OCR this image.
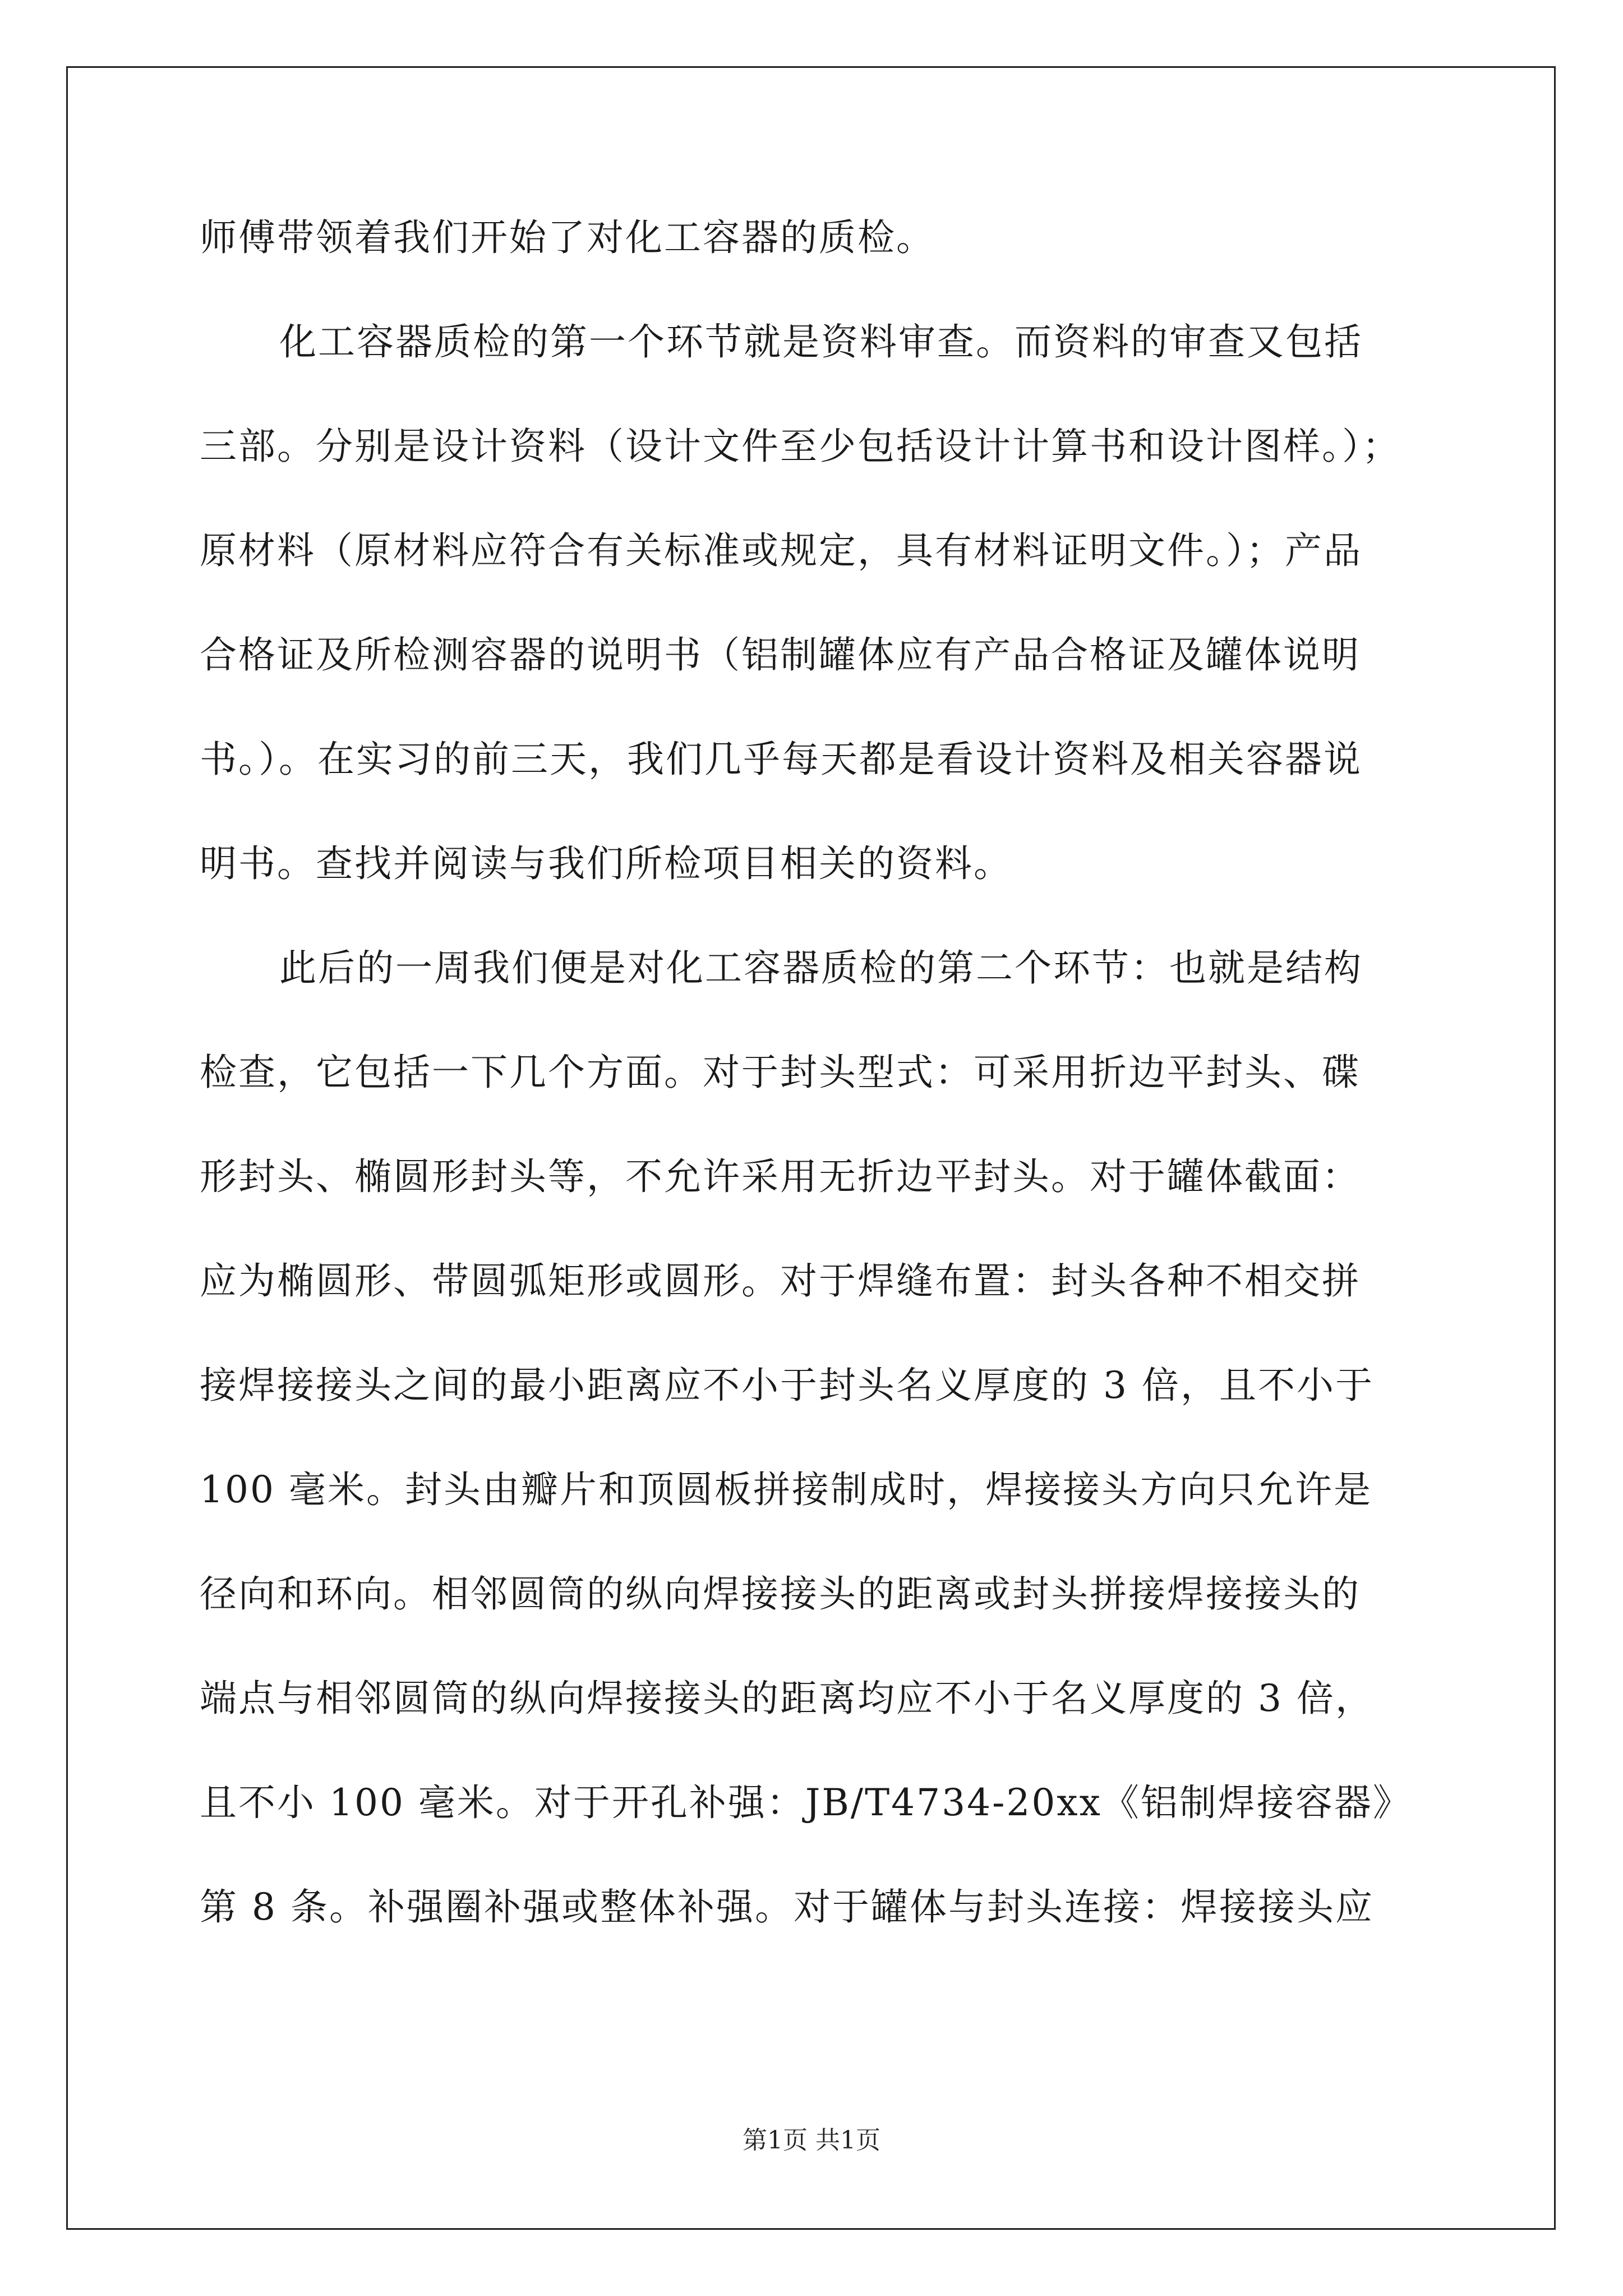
师傅带领着我们开始了对化工容器的质检。
化工容器质检的第一个环节就是资料审查。而资料的审查又包括
三部。分别是设计资料（设计文件至少包括设计计算书和设计图样。）；
原材料（原材料应符合有关标准或规定，具有材料证明文件。）；产品
合格证及所检测容器的说明书（铝制罐体应有产品合格证及罐体说明
书。）。在实习的前三天，我们几乎每天都是看设计资料及相关容器说
明书。查找并阅读与我们所检项目相关的资料。
此后的一周我们便是对化工容器质检的第二个环节：也就是结构
检查，它包括一下几个方面。对于封头型式：可采用折边平封头、碟
形封头、椭圆形封头等，不允许采用无折边平封头。对于罐体截面：
应为椭圆形、带圆弧矩形或圆形。对于焊缝布置：封头各种不相交拼
接焊接接头之间的最小距离应不小于封头名义厚度的 3 倍，且不小于
100 毫米。封头由瓣片和顶圆板拼接制成时，焊接接头方向只允许是
径向和环向。相邻圆筒的纵向焊接接头的距离或封头拼接焊接接头的
端点与相邻圆筒的纵向焊接接头的距离均应不小于名义厚度的 3 倍，
且不小 100 毫米。对于开孔补强：JB/T4734-20xx《铝制焊接容器》
第 8 条。补强圈补强或整体补强。对于罐体与封头连接：焊接接头应
第1页 共1页
